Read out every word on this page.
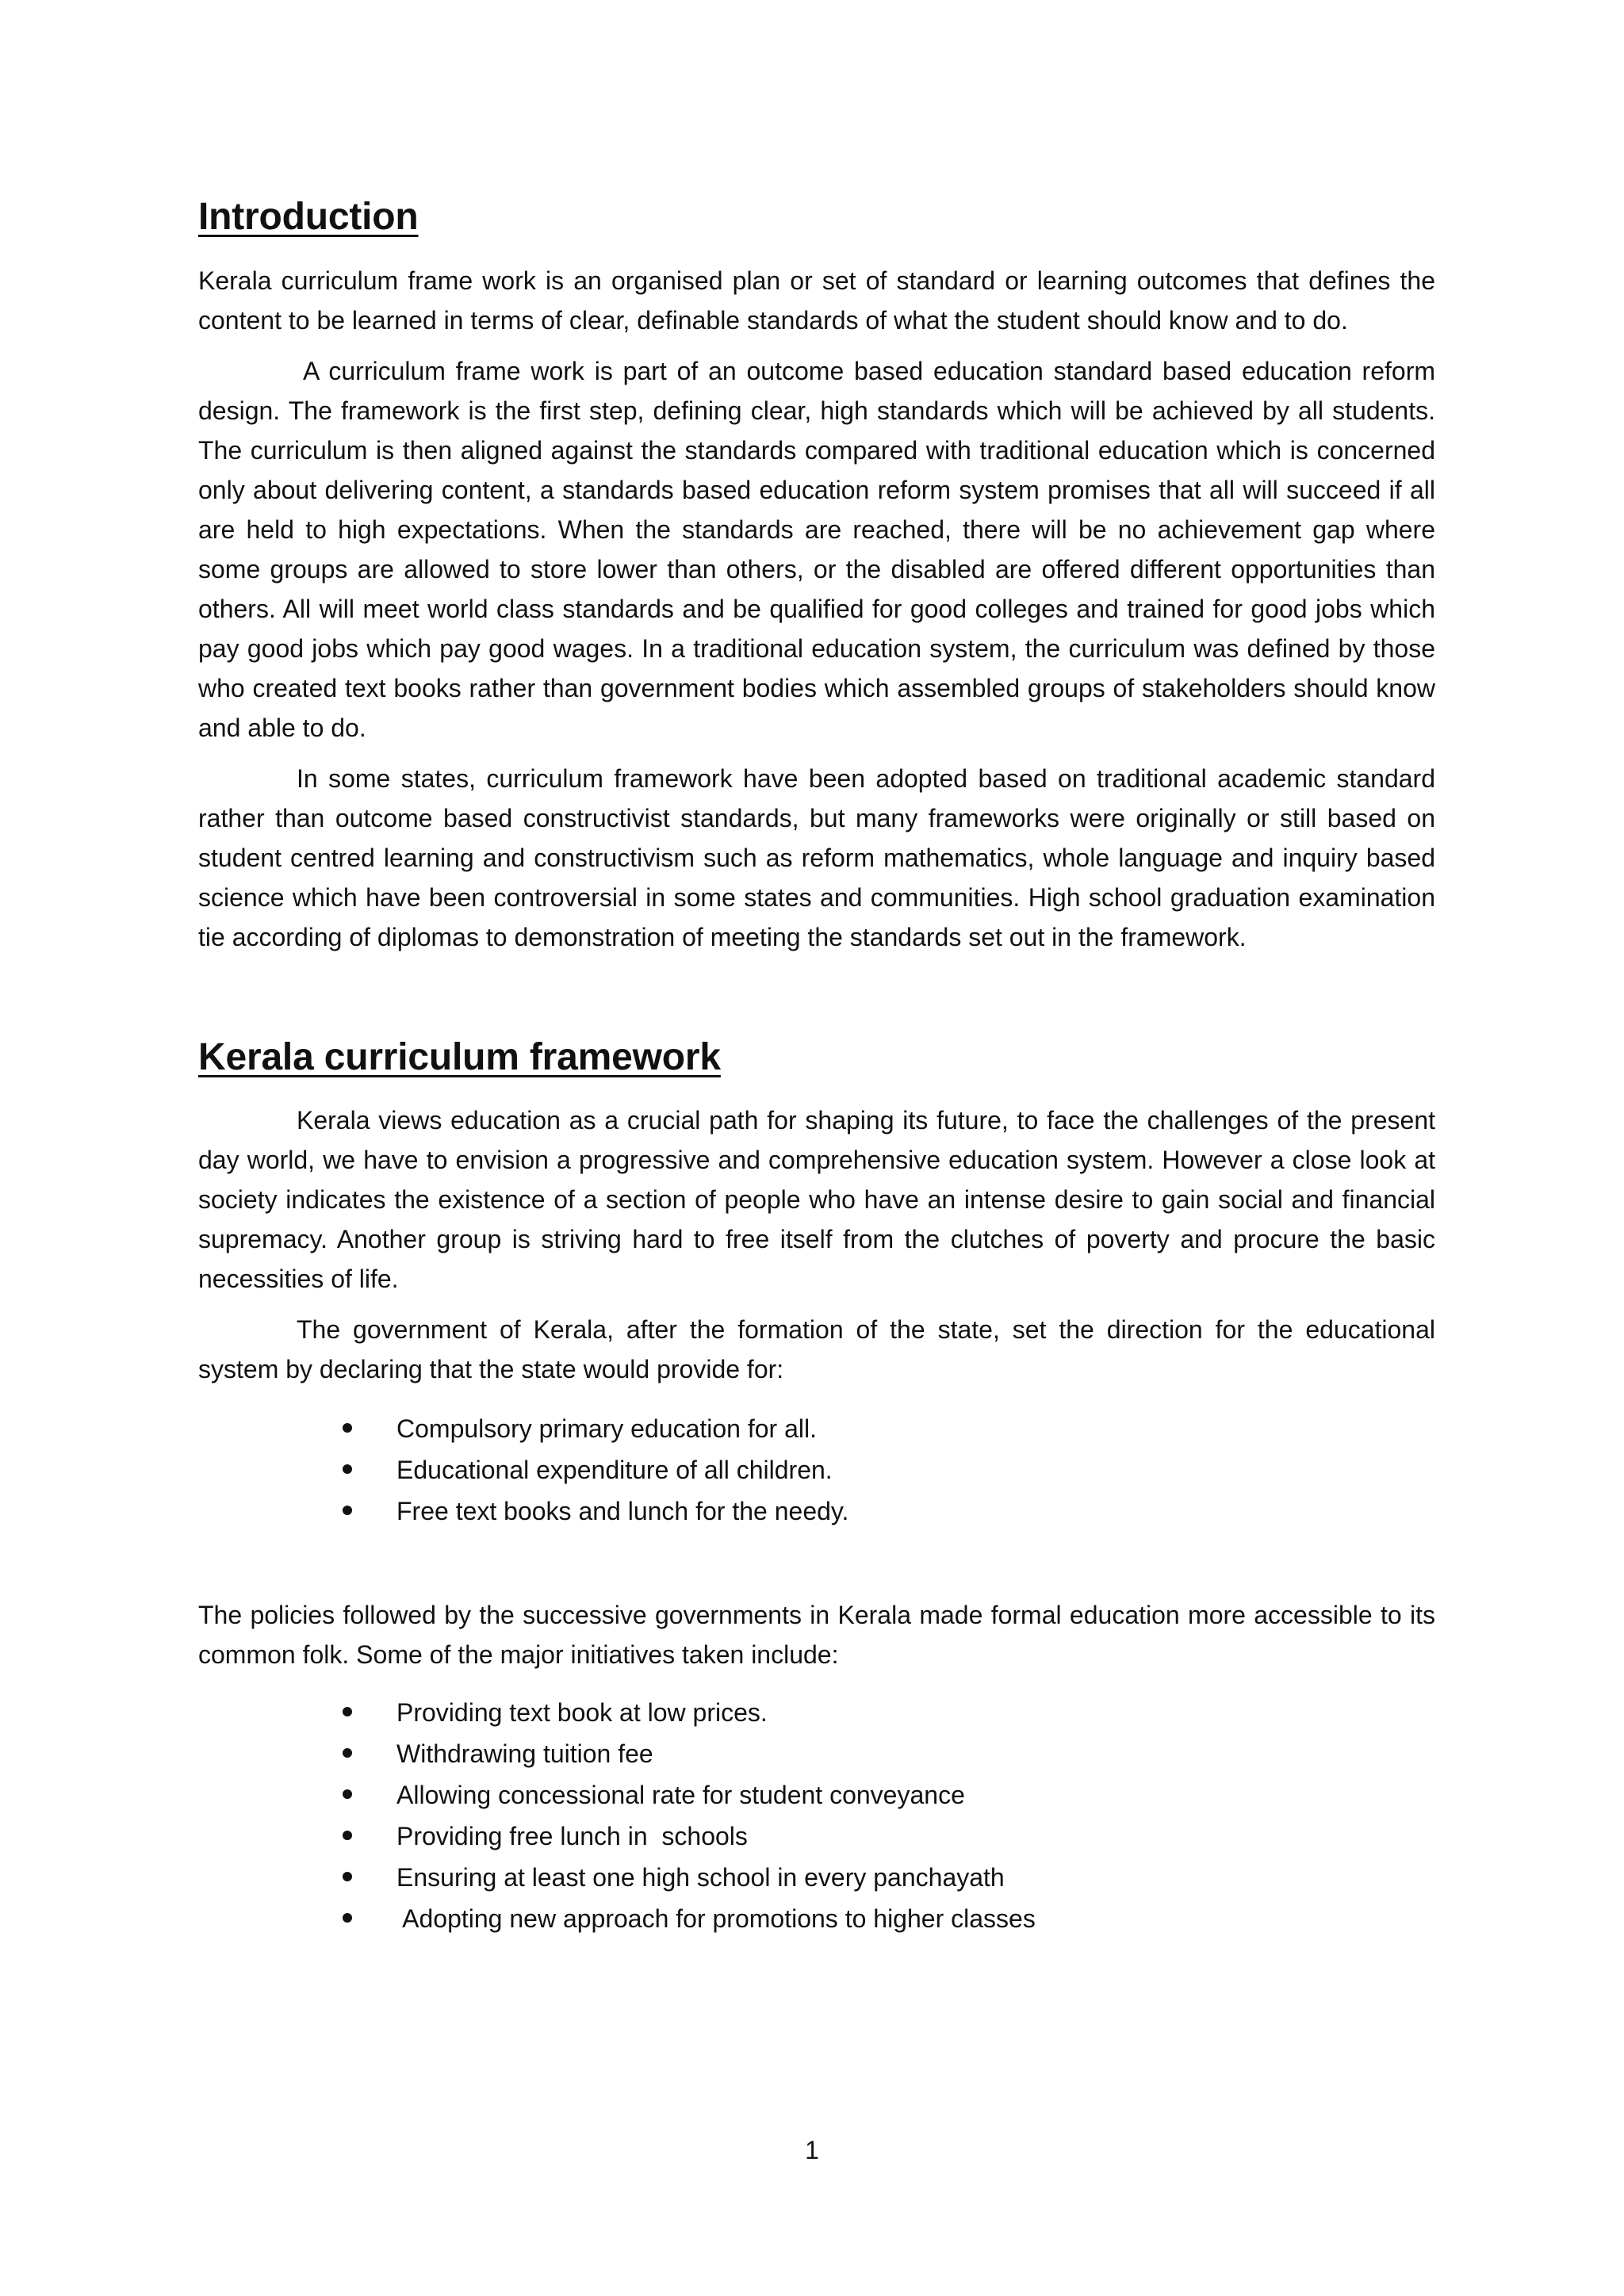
Introduction

Kerala curriculum frame work is an organised plan or set of standard or learning outcomes that defines the content to be learned in terms of clear, definable standards of what the student should know and to do.

A curriculum frame work is part of an outcome based education standard based education reform design. The framework is the first step, defining clear, high standards which will be achieved by all students. The curriculum is then aligned against the standards compared with traditional education which is concerned only about delivering content, a standards based education reform system promises that all will succeed if all are held to high expectations. When the standards are reached, there will be no achievement gap where some groups are allowed to store lower than others, or the disabled are offered different opportunities than others. All will meet world class standards and be qualified for good colleges and trained for good jobs which pay good jobs which pay good wages. In a traditional education system, the curriculum was defined by those who created text books rather than government bodies which assembled groups of stakeholders should know and able to do.

In some states, curriculum framework have been adopted based on traditional academic standard rather than outcome based constructivist standards, but many frameworks were originally or still based on student centred learning and constructivism such as reform mathematics, whole language and inquiry based science which have been controversial in some states and communities. High school graduation examination tie according of diplomas to demonstration of meeting the standards set out in the framework.

Kerala curriculum framework

Kerala views education as a crucial path for shaping its future, to face the challenges of the present day world, we have to envision a progressive and comprehensive education system. However a close look at society indicates the existence of a section of people who have an intense desire to gain social and financial supremacy. Another group is striving hard to free itself from the clutches of poverty and procure the basic necessities of life.

The government of Kerala, after the formation of the state, set the direction for the educational system by declaring that the state would provide for:

Compulsory primary education for all.
Educational expenditure of all children.
Free text books and lunch for the needy.

The policies followed by the successive governments in Kerala made formal education more accessible to its common folk. Some of the major initiatives taken include:

Providing text book at low prices.
Withdrawing tuition fee
Allowing concessional rate for student conveyance
Providing free lunch in  schools
Ensuring at least one high school in every panchayath
Adopting new approach for promotions to higher classes
1
